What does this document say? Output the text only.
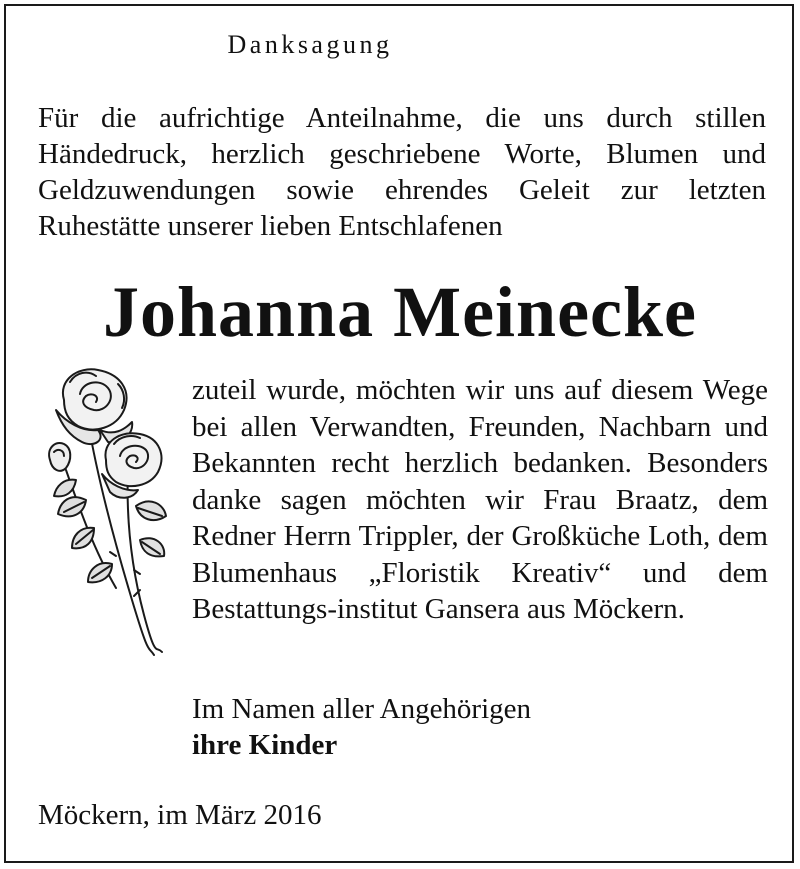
Danksagung

Für die aufrichtige Anteilnahme, die uns durch stillen Händedruck, herzlich geschriebene Worte, Blumen und Geldzuwendungen sowie ehrendes Geleit zur letzten Ruhestätte unserer lieben Entschlafenen

Johanna Meinecke

zuteil wurde, möchten wir uns auf diesem Wege bei allen Verwandten, Freunden, Nachbarn und Bekannten recht herzlich bedanken. Besonders danke sagen möchten wir Frau Braatz, dem Redner Herrn Trippler, der Großküche Loth, dem Blumenhaus „Floristik Kreativ“ und dem Bestattungs-institut Gansera aus Möckern.

Im Namen aller Angehörigen
ihre Kinder
Möckern, im März 2016
